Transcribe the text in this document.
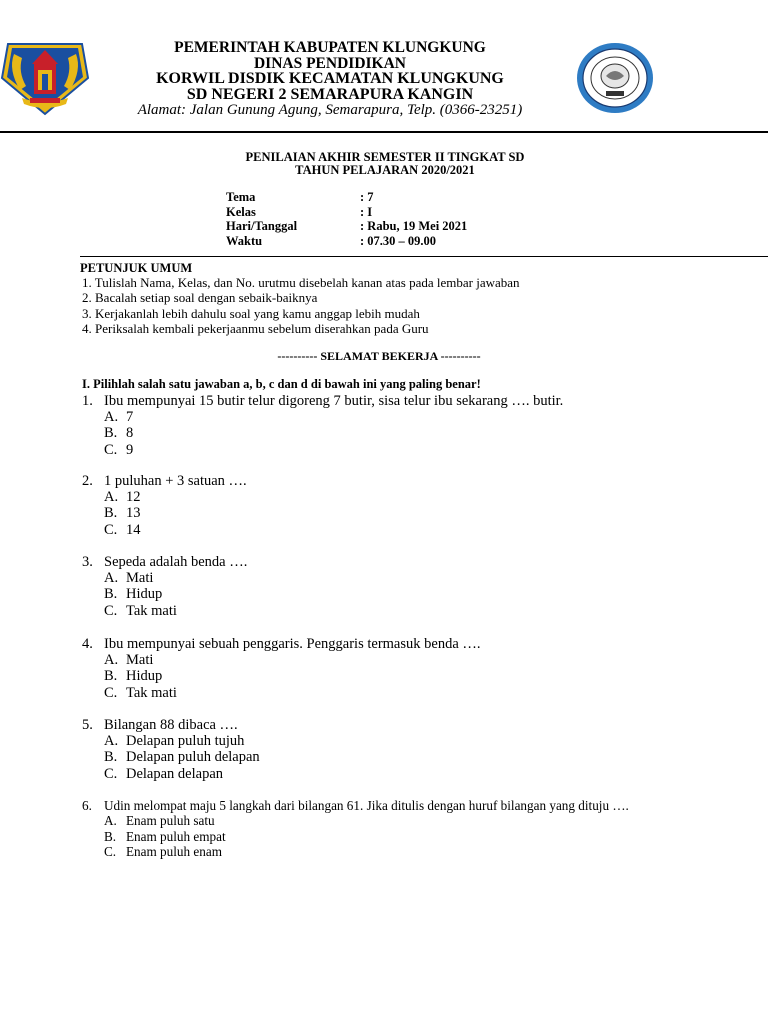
PEMERINTAH KABUPATEN KLUNGKUNG
DINAS PENDIDIKAN
KORWIL DISDIK KECAMATAN KLUNGKUNG
SD NEGERI 2 SEMARAPURA KANGIN
Alamat: Jalan Gunung Agung, Semarapura, Telp. (0366-23251)
PENILAIAN AKHIR SEMESTER II TINGKAT SD
TAHUN PELAJARAN 2020/2021
Tema	: 7
Kelas	: I
Hari/Tanggal	: Rabu, 19 Mei 2021
Waktu	: 07.30 – 09.00
PETUNJUK UMUM
1. Tulislah Nama, Kelas, dan No. urutmu disebelah kanan atas pada lembar jawaban
2. Bacalah setiap soal dengan sebaik-baiknya
3. Kerjakanlah lebih dahulu soal yang kamu anggap lebih mudah
4. Periksalah kembali pekerjaanmu sebelum diserahkan pada Guru
---------- SELAMAT BEKERJA ----------
I. Pilihlah salah satu jawaban a, b, c dan d di bawah ini yang paling benar!
1. Ibu mempunyai 15 butir telur digoreng 7 butir, sisa telur ibu sekarang …. butir.
A. 7
B. 8
C. 9
2. 1 puluhan + 3 satuan ….
A. 12
B. 13
C. 14
3. Sepeda adalah benda ….
A. Mati
B. Hidup
C. Tak mati
4. Ibu mempunyai sebuah penggaris. Penggaris termasuk benda ….
A. Mati
B. Hidup
C. Tak mati
5. Bilangan 88 dibaca ….
A. Delapan puluh tujuh
B. Delapan puluh delapan
C. Delapan delapan
6. Udin melompat maju 5 langkah dari bilangan 61. Jika ditulis dengan huruf bilangan yang dituju ….
A. Enam puluh satu
B. Enam puluh empat
C. Enam puluh enam
